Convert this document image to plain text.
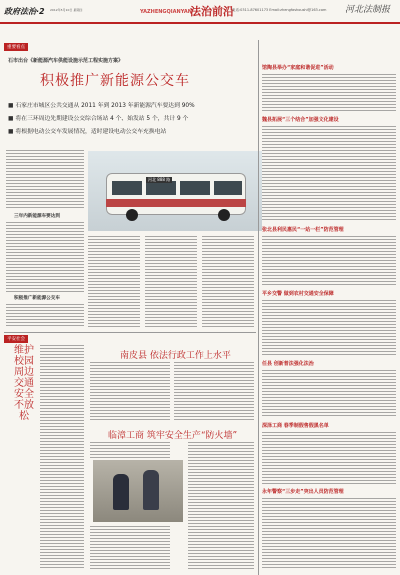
政府法治·2 2012年5月10日 星期四	YAZHENGQIANYAN
法治前沿
电话:0311-87601173 Email:zhengfashoushi@163.com	河北法制报
重要看点
石市出台《新能源汽车供能设施示范工程实施方案》
积极推广新能源公交车
■ 石家庄市城区公共交通从 2011 年到 2013 年新能源汽车要达到 90%
■ 将在三环周边先期建设公交综合场站 4 个、始发站 5 个，共计 9 个
■ 将根据电动公交车发展情况，适时建设电动公交车充换电站
三年内新能源车要达到
积极推广新能源公交车
河北 888 路
馆陶县举办“家庭和谐促进”活动
魏县拓展“三个结合”加强文化建设
张北县利民惠民“一站一栏”防范管理
平乡交警 做到农村交通安全保障
任县 创新普法强化法治
深泽工商 春季制假售假黑名单
永年警察“三步走”突出人员防范管理
平安社会
维护校园周边交通安全不放松
南皮县 依法行政工作上水平
临漳工商 筑牢安全生产“防火墙”
